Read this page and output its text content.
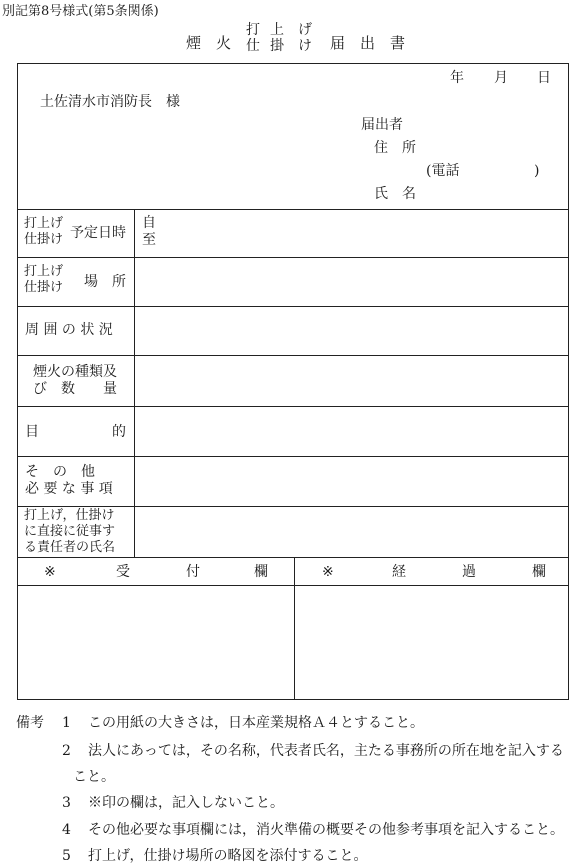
別記第8号様式(第5条関係)
煙 火
打
仕
上
掛
げ
け 届 出 書
年 月 日
土佐清水市消防長　様
届出者
住　所
(電話	)
氏　名
打上げ
仕掛け 予定日時
自
至
打上げ
仕掛け 場　所
周 囲 の 状 況
煙火の種類及
び　数　　量
目	的
そ　の　他
必 要 な 事 項
打上げ，仕掛け
に直接に従事す
る責任者の氏名
※	受	付	欄	※	経	過	欄
備考 1 この用紙の大きさは，日本産業規格Ａ４とすること。
2 法人にあっては，その名称，代表者氏名，主たる事務所の所在地を記入する
こと。
3 ※印の欄は，記入しないこと。
4 その他必要な事項欄には，消火準備の概要その他参考事項を記入すること。
5 打上げ，仕掛け場所の略図を添付すること。
